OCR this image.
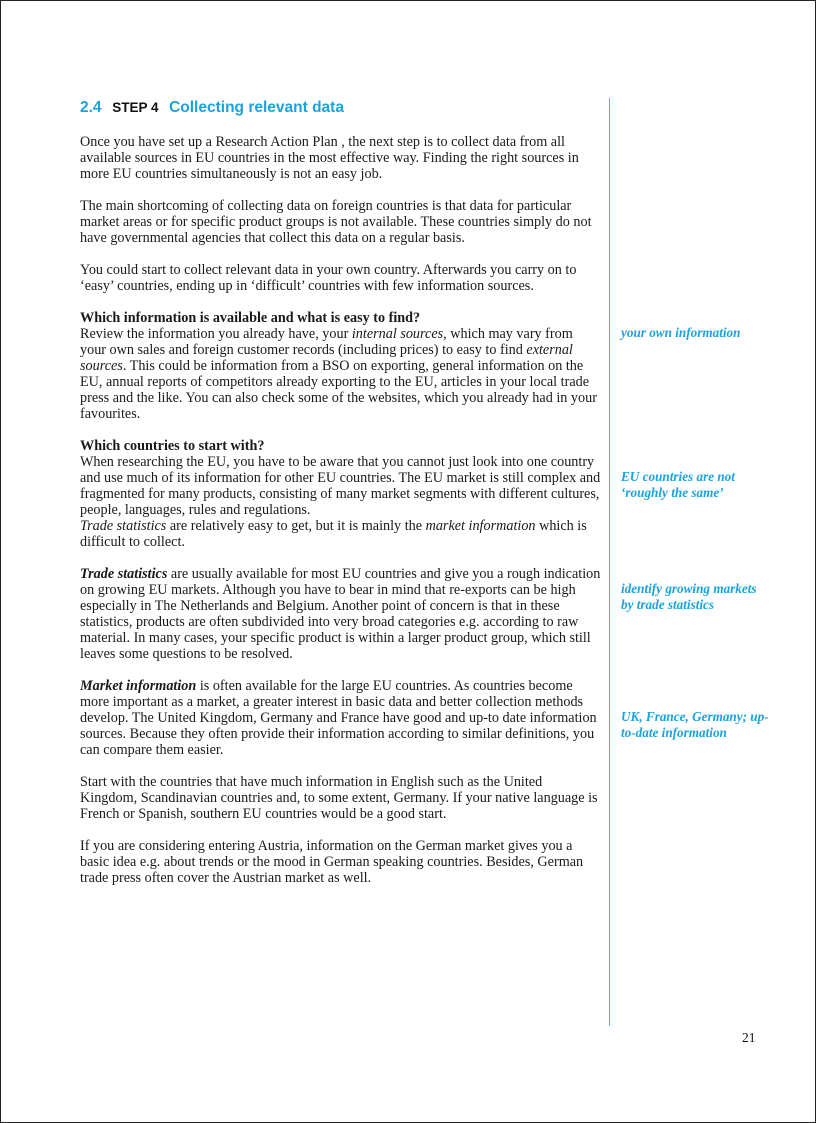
2.4 STEP 4 Collecting relevant data

Once you have set up a Research Action Plan , the next step is to collect data from all available sources in EU countries in the most effective way. Finding the right sources in more EU countries simultaneously is not an easy job.

The main shortcoming of collecting data on foreign countries is that data for particular market areas or for specific product groups is not available. These countries simply do not have governmental agencies that collect this data on a regular basis.

You could start to collect relevant data in your own country. Afterwards you carry on to ‘easy’ countries, ending up in ‘difficult’ countries with few information sources.

Which information is available and what is easy to find?

Review the information you already have, your internal sources, which may vary from your own sales and foreign customer records (including prices) to easy to find external sources. This could be information from a BSO on exporting, general information on the EU, annual reports of competitors already exporting to the EU, articles in your local trade press and the like. You can also check some of the websites, which you already had in your favourites.

Which countries to start with?

When researching the EU, you have to be aware that you cannot just look into one country and use much of its information for other EU countries. The EU market is still complex and fragmented for many products, consisting of many market segments with different cultures, people, languages, rules and regulations.

Trade statistics are relatively easy to get, but it is mainly the market information which is difficult to collect.

Trade statistics are usually available for most EU countries and give you a rough indication on growing EU markets. Although you have to bear in mind that re-exports can be high especially in The Netherlands and Belgium. Another point of concern is that in these statistics, products are often subdivided into very broad categories e.g. according to raw material. In many cases, your specific product is within a larger product group, which still leaves some questions to be resolved.

Market information is often available for the large EU countries. As countries become more important as a market, a greater interest in basic data and better collection methods develop. The United Kingdom, Germany and France have good and up-to date information sources. Because they often provide their information according to similar definitions, you can compare them easier.

Start with the countries that have much information in English such as the United Kingdom, Scandinavian countries and, to some extent, Germany. If your native language is French or Spanish, southern EU countries would be a good start.

If you are considering entering Austria, information on the German market gives you a basic idea e.g. about trends or the mood in German speaking countries. Besides, German trade press often cover the Austrian market as well.

your own information
EU countries are not ‘roughly the same’
identify growing markets by trade statistics
UK, France, Germany; up-to-date information
21
